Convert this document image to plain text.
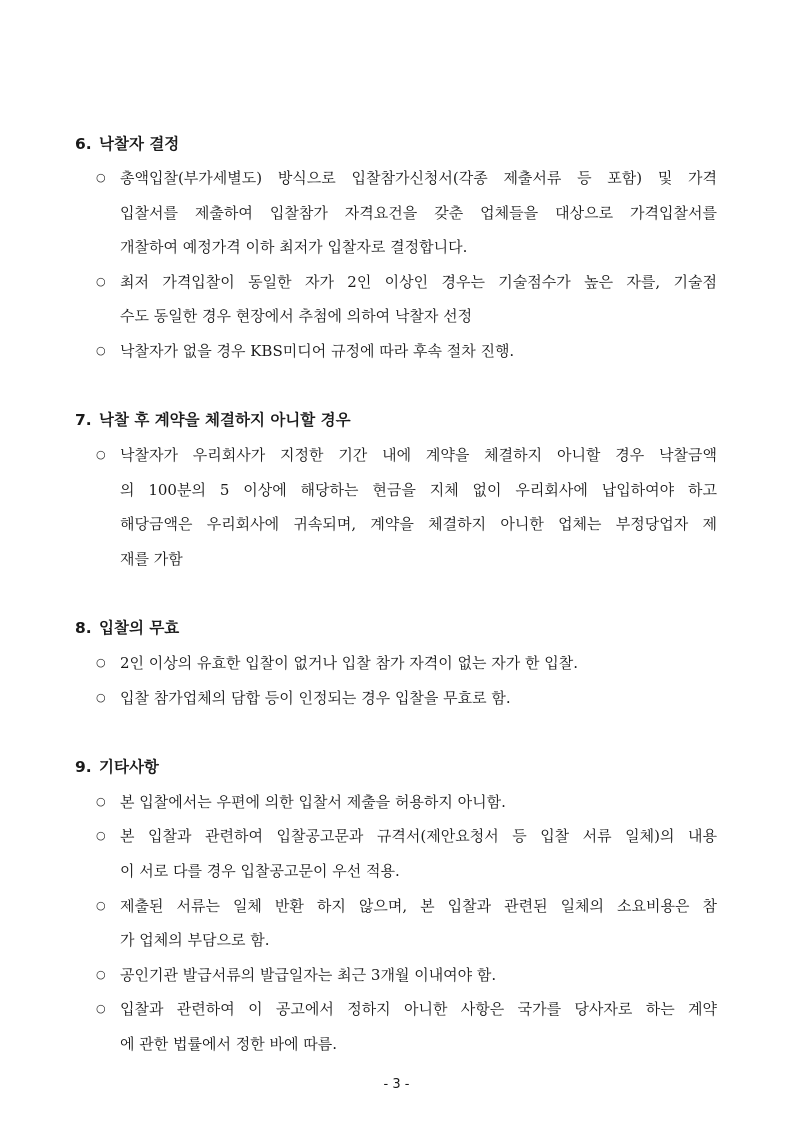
6. 낙찰자 결정
○ 총액입찰(부가세별도) 방식으로 입찰참가신청서(각종 제출서류 등 포함) 및 가격
입찰서를 제출하여 입찰참가 자격요건을 갖춘 업체들을 대상으로 가격입찰서를
개찰하여 예정가격 이하 최저가 입찰자로 결정합니다.
○ 최저 가격입찰이 동일한 자가 2인 이상인 경우는 기술점수가 높은 자를, 기술점
수도 동일한 경우 현장에서 추첨에 의하여 낙찰자 선정
○ 낙찰자가 없을 경우 KBS미디어 규정에 따라 후속 절차 진행.
7. 낙찰 후 계약을 체결하지 아니할 경우
○ 낙찰자가 우리회사가 지정한 기간 내에 계약을 체결하지 아니할 경우 낙찰금액
의 100분의 5 이상에 해당하는 현금을 지체 없이 우리회사에 납입하여야 하고
해당금액은 우리회사에 귀속되며, 계약을 체결하지 아니한 업체는 부정당업자 제
재를 가함
8. 입찰의 무효
○ 2인 이상의 유효한 입찰이 없거나 입찰 참가 자격이 없는 자가 한 입찰.
○ 입찰 참가업체의 담합 등이 인정되는 경우 입찰을 무효로 함.
9. 기타사항
○ 본 입찰에서는 우편에 의한 입찰서 제출을 허용하지 아니함.
○ 본 입찰과 관련하여 입찰공고문과 규격서(제안요청서 등 입찰 서류 일체)의 내용
이 서로 다를 경우 입찰공고문이 우선 적용.
○ 제출된 서류는 일체 반환 하지 않으며, 본 입찰과 관련된 일체의 소요비용은 참
가 업체의 부담으로 함.
○ 공인기관 발급서류의 발급일자는 최근 3개월 이내여야 함.
○ 입찰과 관련하여 이 공고에서 정하지 아니한 사항은 국가를 당사자로 하는 계약
에 관한 법률에서 정한 바에 따름.
- 3 -
